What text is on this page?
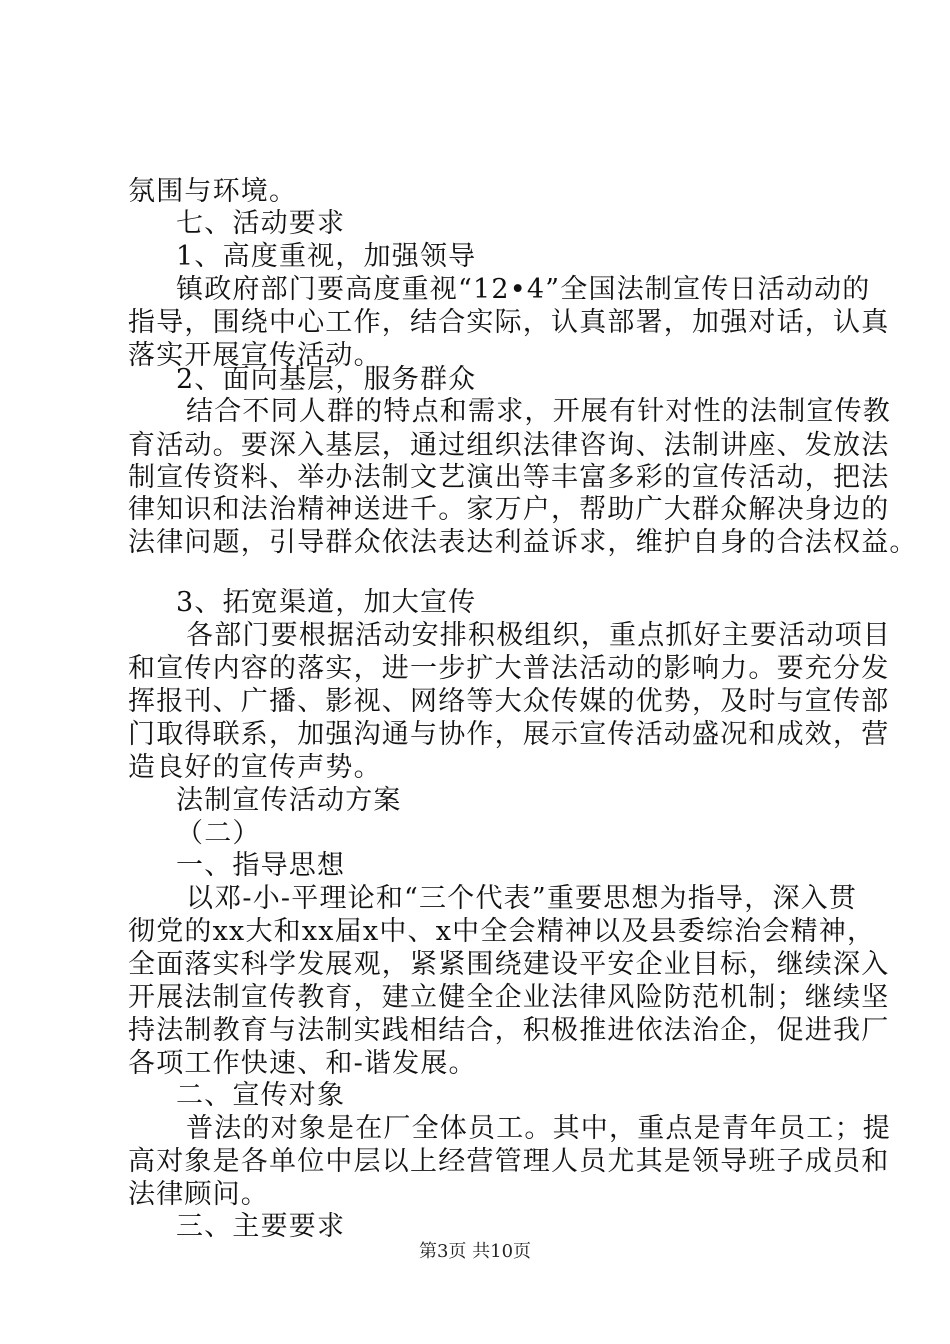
氛围与环境。
七、活动要求
1、高度重视，加强领导
镇政府部门要高度重视“12•4”全国法制宣传日活动动的
指导，围绕中心工作，结合实际，认真部署，加强对话，认真
落实开展宣传活动。
2、面向基层，服务群众
结合不同人群的特点和需求，开展有针对性的法制宣传教
育活动。要深入基层，通过组织法律咨询、法制讲座、发放法
制宣传资料、举办法制文艺演出等丰富多彩的宣传活动，把法
律知识和法治精神送进千。家万户，帮助广大群众解决身边的
法律问题，引导群众依法表达利益诉求，维护自身的合法权益。
3、拓宽渠道，加大宣传
各部门要根据活动安排积极组织，重点抓好主要活动项目
和宣传内容的落实，进一步扩大普法活动的影响力。要充分发
挥报刊、广播、影视、网络等大众传媒的优势，及时与宣传部
门取得联系，加强沟通与协作，展示宣传活动盛况和成效，营
造良好的宣传声势。
法制宣传活动方案
（二）
一、指导思想
以邓-小-平理论和“三个代表”重要思想为指导，深入贯
彻党的xx大和xx届x中、x中全会精神以及县委综治会精神，
全面落实科学发展观，紧紧围绕建设平安企业目标，继续深入
开展法制宣传教育，建立健全企业法律风险防范机制；继续坚
持法制教育与法制实践相结合，积极推进依法治企，促进我厂
各项工作快速、和-谐发展。
二、宣传对象
普法的对象是在厂全体员工。其中，重点是青年员工；提
高对象是各单位中层以上经营管理人员尤其是领导班子成员和
法律顾问。
三、主要要求
第3页 共10页
